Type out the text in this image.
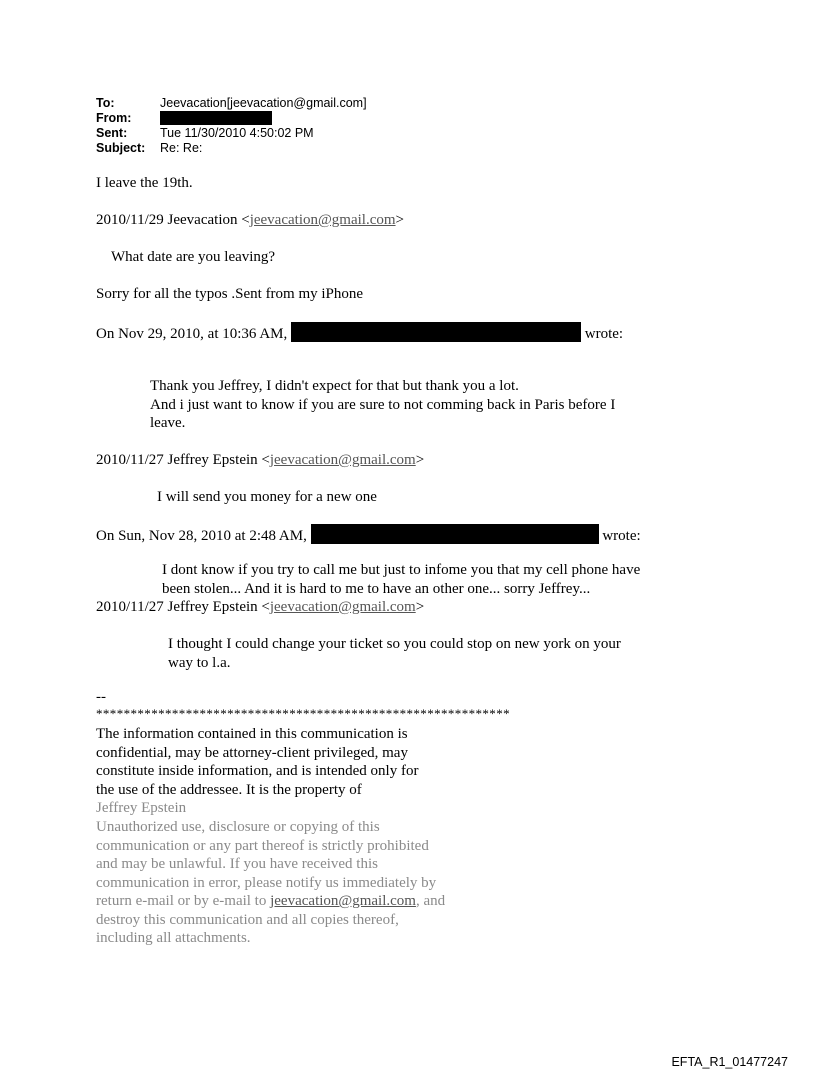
To:	Jeevacation[jeevacation@gmail.com]
From:
Sent:	Tue 11/30/2010 4:50:02 PM
Subject:	Re: Re:
I leave the 19th.
2010/11/29 Jeevacation <jeevacation@gmail.com>
What date are you leaving?
Sorry for all the typos .Sent from my iPhone
On Nov 29, 2010, at 10:36 AM,	wrote:
Thank you Jeffrey, I didn't expect for that but thank you a lot.
And i just want to know if you are sure to not comming back in Paris before I
leave.
2010/11/27 Jeffrey Epstein <jeevacation@gmail.com>
I will send you money for a new one
On Sun, Nov 28, 2010 at 2:48 AM,	wrote:
I dont know if you try to call me but just to infome you that my cell phone have
been stolen... And it is hard to me to have an other one... sorry Jeffrey...
2010/11/27 Jeffrey Epstein <jeevacation@gmail.com>
I thought I could change your ticket so you could stop on new york on your
way to l.a.
--
************************************************************
The information contained in this communication is
confidential, may be attorney-client privileged, may
constitute inside information, and is intended only for
the use of the addressee. It is the property of
Jeffrey Epstein
Unauthorized use, disclosure or copying of this
communication or any part thereof is strictly prohibited
and may be unlawful. If you have received this
communication in error, please notify us immediately by
return e-mail or by e-mail to jeevacation@gmail.com, and
destroy this communication and all copies thereof,
including all attachments.
EFTA_R1_01477247
